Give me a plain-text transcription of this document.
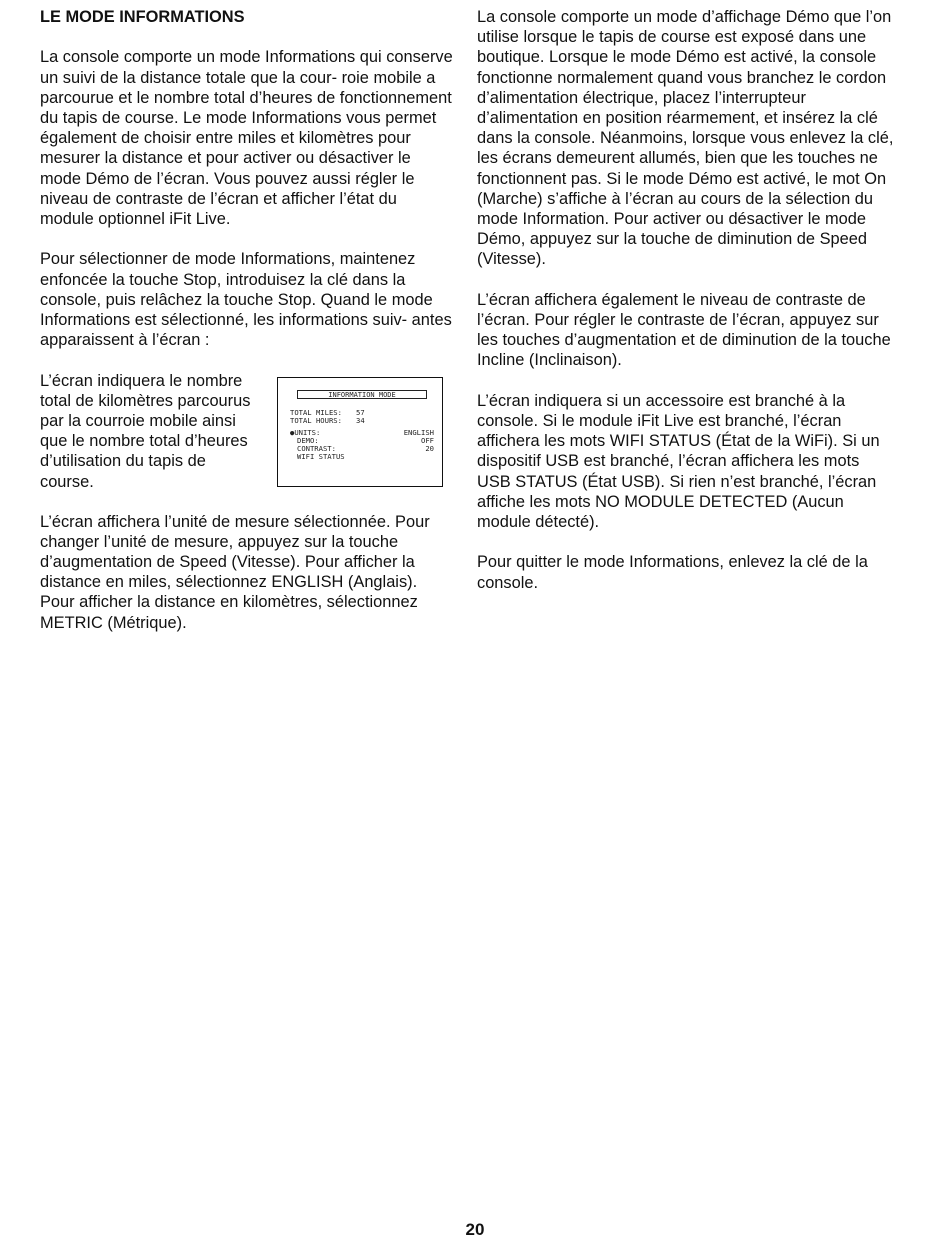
LE MODE INFORMATIONS

La console comporte un mode Informations qui conserve un suivi de la distance totale que la cour- roie mobile a parcourue et le nombre total d’heures de fonctionnement du tapis de course. Le mode Informations vous permet également de choisir entre miles et kilomètres pour mesurer la distance et pour activer ou désactiver le mode Démo de l’écran. Vous pouvez aussi régler le niveau de contraste de l’écran et afficher l’état du module optionnel iFit Live.

Pour sélectionner de mode Informations, maintenez enfoncée la touche Stop, introduisez la clé dans la console, puis relâchez la touche Stop. Quand le mode Informations est sélectionné, les informations suiv- antes apparaissent à l’écran :

L’écran indiquera le nombre total de kilomètres parcourus par la courroie mobile ainsi que le nombre total d’heures d’utilisation du tapis de course.

INFORMATION MODE
TOTAL MILES: 57
TOTAL HOURS: 34
●UNITS:	ENGLISH
DEMO:	OFF
CONTRAST:	20
WIFI STATUS

L’écran affichera l’unité de mesure sélectionnée. Pour changer l’unité de mesure, appuyez sur la touche d’augmentation de Speed (Vitesse). Pour afficher la distance en miles, sélectionnez ENGLISH (Anglais). Pour afficher la distance en kilomètres, sélectionnez METRIC (Métrique).

La console comporte un mode d’affichage Démo que l’on utilise lorsque le tapis de course est exposé dans une boutique. Lorsque le mode Démo est activé, la console fonctionne normalement quand vous branchez le cordon d’alimentation électrique, placez l’interrupteur d’alimentation en position réarmement, et insérez la clé dans la console. Néanmoins, lorsque vous enlevez la clé, les écrans demeurent allumés, bien que les touches ne fonctionnent pas. Si le mode Démo est activé, le mot On (Marche) s’affiche à l’écran au cours de la sélection du mode Information. Pour activer ou désactiver le mode Démo, appuyez sur la touche de diminution de Speed (Vitesse).

L’écran affichera également le niveau de contraste de l’écran. Pour régler le contraste de l’écran, appuyez sur les touches d’augmentation et de diminution de la touche Incline (Inclinaison).

L’écran indiquera si un accessoire est branché à la console. Si le module iFit Live est branché, l’écran affichera les mots WIFI STATUS (État de la WiFi). Si un dispositif USB est branché, l’écran affichera les mots USB STATUS (État USB). Si rien n’est branché, l’écran affiche les mots NO MODULE DETECTED (Aucun module détecté).

Pour quitter le mode Informations, enlevez la clé de la console.

20
